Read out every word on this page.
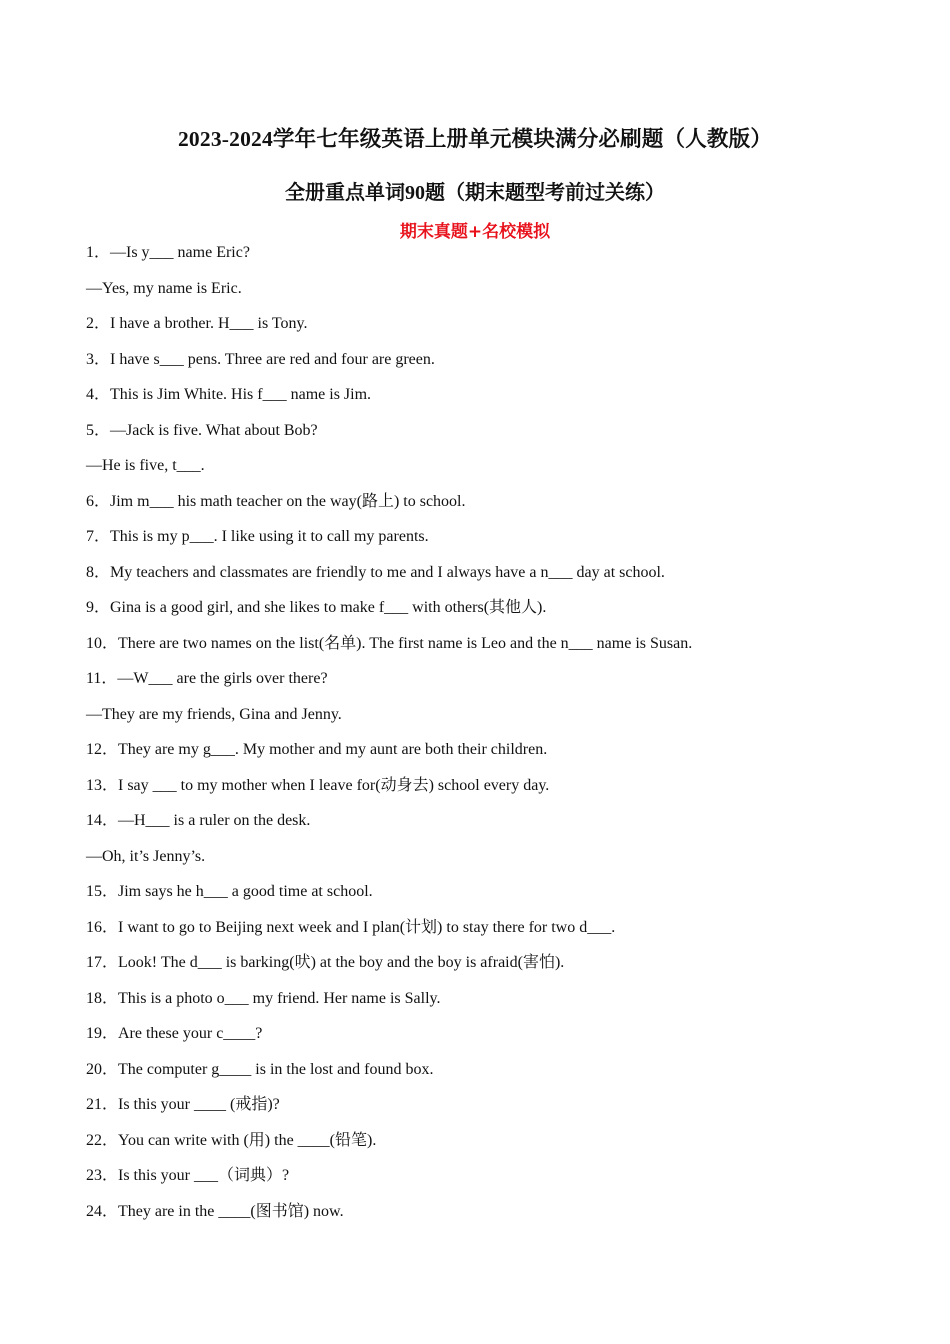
2023-2024学年七年级英语上册单元模块满分必刷题（人教版）
全册重点单词90题（期末题型考前过关练）
期末真题+名校模拟
1．—Is y___ name Eric?
—Yes, my name is Eric.
2．I have a brother. H___ is Tony.
3．I have s___ pens. Three are red and four are green.
4．This is Jim White. His f___ name is Jim.
5．—Jack is five. What about Bob?
—He is five, t___.
6．Jim m___ his math teacher on the way(路上) to school.
7．This is my p___. I like using it to call my parents.
8．My teachers and classmates are friendly to me and I always have a n___ day at school.
9．Gina is a good girl, and she likes to make f___ with others(其他人).
10．There are two names on the list(名单). The first name is Leo and the n___ name is Susan.
11．—W___ are the girls over there?
—They are my friends, Gina and Jenny.
12．They are my g___. My mother and my aunt are both their children.
13．I say ___ to my mother when I leave for(动身去) school every day.
14．—H___ is a ruler on the desk.
—Oh, it’s Jenny’s.
15．Jim says he h___ a good time at school.
16．I want to go to Beijing next week and I plan(计划) to stay there for two d___.
17．Look! The d___ is barking(吠) at the boy and the boy is afraid(害怕).
18．This is a photo o___ my friend. Her name is Sally.
19．Are these your c____?
20．The computer g____ is in the lost and found box.
21．Is this your ____ (戒指)?
22．You can write with (用) the ____(铅笔).
23．Is this your ___（词典）?
24．They are in the ____(图书馆) now.
